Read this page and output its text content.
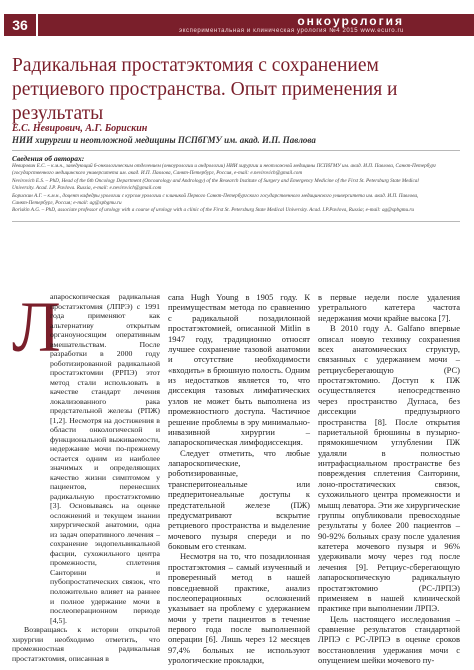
36	онкоурология
экспериментальная и клиническая урология №4 2015 www.ecuro.ru
Радикальная простатэктомия с сохранением ретциевого пространства. Опыт применения и результаты
Е.С. Невирович, А.Г. Борискин
НИИ хирургии и неотложной медицины ПСПбГМУ им. акад. И.П. Павлова
Сведения об авторах:
Невирович Е.С. – к.м.н., заведующий 6-онкологическим отделением (онкоурологии и андрологии) НИИ хирургии и неотложной медицины ПСПбГМУ им. акад. И.П. Павлова, Санкт-Петербург
(государственного медицинского университета им. акад. И.П. Павлова, Санкт-Петербург, Россия, e-mail: e.nevirovich@gmail.com
Nevirovich E.S. – PhD, Head of the 6th Oncology Department (Oncourology and Andrology) of the Research Institute of Surgery and Emergency Medicine of the First St. Petersburg State Medical
University. Acad. I.P. Pavlova. Russia, e-mail: e.nevirovich@gmail.com
Борискин А.Г. – к.м.н., доцент кафедры урологии с курсом урологии с клиникой Первого Санкт-Петербургского государственного медицинского университета им. акад. И.П. Павлова,
Санкт-Петербург, Россия; e-mail: ag@spbgmu.ru
Boriskin A.G. – PhD, associate professor of urology with a course of urology with a clinic of the First St. Petersburg State Medical University. Acad. I.P.Pavlova, Russia; e-mail: ag@spbgmu.ru
Л

апароскопическая радикальная простатэктомия (ЛПРЭ) с 1991 года применяют как альтернативу открытым органоуносящим оперативным вмешательствам. После разработки в 2000 году роботизированной радикальной простатэктомии (РРПЭ) этот метод стали использовать в качестве стандарт лечения локализованного рака предстательной железы (РПЖ) [1,2]. Несмотря на достижения в области онкологической и функциональной выживаемости, недержание мочи по-прежнему остается одним из наиболее значимых и определяющих качество жизни симптомом у пациентов, перенесших радикальную простатэктомию [3]. Основываясь на оценке осложнений и текущем знании хирургической анатомии, одна из задач оперативного лечения – сохранение эндопельвикальной фасции, сухожильного центра промежности, сплетения Санторини и пубопростатических связок, что положительно влияет на раннее и полное удержание мочи в послеоперационном периоде [4,5].

Возвращаясь к истории открытой хирургии необходимо отметить, что промежностная радикальная простатэктомия, описанная в

сапа Hugh Young в 1905 году. К преимуществам метода по сравнению с радикальной позадилонной простатэктомией, описанной Mitlin в 1947 году, традиционно относят лучшее сохранение тазовой анатомии и отсутствие необходимости «входить» в брюшную полость. Одним из недостатков является то, что диссекция тазовых лимфатических узлов не может быть выполнена из промежностного доступа. Частичное решение проблемы в эру минимально-инвазивной хирургии – лапароскопическая лимфодиссекция.

Следует отметить, что любые лапароскопические, роботизированные, трансперитонеальные или предперитонеальные доступы к предстательной железе (ПЖ) предусматривают вскрытие ретциевого пространства и выделение мочевого пузыря спереди и по боковым его стенкам.

Несмотря на то, что позадилонная простатэктомия – самый изученный и проверенный метод в нашей повседневной практике, анализ послеоперационных осложнений указывает на проблему с удержанием мочи у трети пациентов в течение первого года после выполненной операции [6]. Лишь через 12 месяцев 97,4% больных не используют урологические прокладки,

в первые недели после удаления уретрального катетера частота недержания мочи крайне высока [7].

В 2010 году A. Galfano впервые описал новую технику сохранения всех анатомических структур, связанных с удержанием мочи – ретциусберегающую (РС) простатэктомию. Доступ к ПЖ осуществляется непосредственно через пространство Дугласа, без диссекции предпузырного пространства [8]. После открытия париетальной брюшины в пузырно-прямокишечном углублении ПЖ удаляли в полностью интрафасциальном пространстве без повреждения сплетения Санторини, лоно-простатических связок, сухожильного центра промежности и мышц леватора. Эти же хирургические группы опубликовали превосходные результаты у более 200 пациентов – 90-92% больных сразу после удаления катетера мочевого пузыря и 96% удерживали мочу через год после лечения [9]. Ретциус-сберегающую лапароскопическую радикальную простатэктомию (РС-ЛРПЭ) применяем в нашей клинической практике при выполнении ЛРПЭ.

Цель настоящего исследования – сравнение результатов стандартной ЛРПЭ с РС-ЛРПЭ в оценке сроков восстановления удержания мочи с опущением шейки мочевого пу-
